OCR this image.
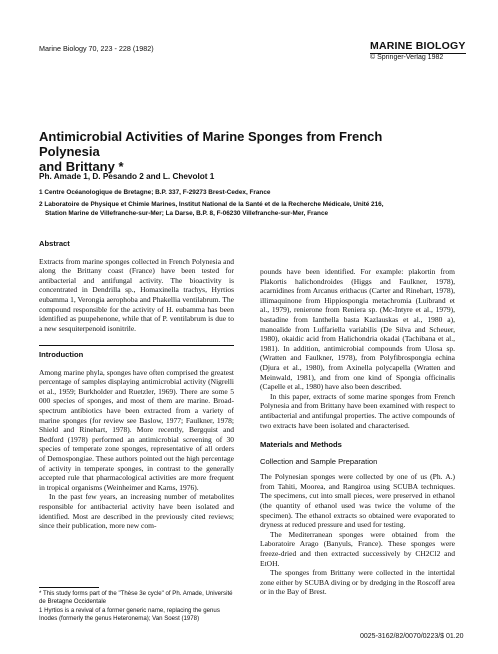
Marine Biology 70, 223 - 228 (1982)	MARINE BIOLOGY
© Springer-Verlag 1982
Antimicrobial Activities of Marine Sponges from French Polynesia
and Brittany *
Ph. Amade 1, D. Pesando 2 and L. Chevolot 1
1 Centre Océanologique de Bretagne; B.P. 337, F-29273 Brest-Cedex, France
2 Laboratoire de Physique et Chimie Marines, Institut National de la Santé et de la Recherche Médicale, Unité 216,
Station Marine de Villefranche-sur-Mer; La Darse, B.P. 8, F-06230 Villefranche-sur-Mer, France
Abstract

Extracts from marine sponges collected in French Polynesia and along the Brittany coast (France) have been tested for antibacterial and antifungal activity. The bioactivity is concentrated in Dendrilla sp., Homaxinella trachys, Hyrtios eubamma 1, Verongia aerophoba and Phakellia ventilabrum. The compound responsible for the activity of H. eubamma has been identified as puupehenone, while that of P. ventilabrum is due to a new sesquiterpenoid isonitrile.

Introduction

Among marine phyla, sponges have often comprised the greatest percentage of samples displaying antimicrobial activity (Nigrelli et al., 1959; Burkholder and Ruetzler, 1969). There are some 5 000 species of sponges, and most of them are marine. Broad-spectrum antibiotics have been extracted from a variety of marine sponges (for review see Baslow, 1977; Faulkner, 1978; Shield and Rinehart, 1978). More recently, Bergquist and Bedford (1978) performed an antimicrobial screening of 30 species of temperate zone sponges, representative of all orders of Demospongiae. These authors pointed out the high percentage of activity in temperate sponges, in contrast to the generally accepted rule that pharmacological activities are more frequent in tropical organisms (Weinheimer and Karns, 1976).

In the past few years, an increasing number of metabolites responsible for antibacterial activity have been isolated and identified. Most are described in the previously cited reviews; since their publication, more new com-

* This study forms part of the "Thèse 3e cycle" of Ph. Amade, Université de Bretagne Occidentale
1 Hyrtios is a revival of a former generic name, replacing the genus Inodes (formerly the genus Heteronema); Van Soest (1978)

pounds have been identified. For example: plakortin from Plakortis halichondroides (Higgs and Faulkner, 1978), acarnidines from Arcanus erithacus (Carter and Rinehart, 1978), illimaquinone from Hippiospongia metachromia (Luibrand et al., 1979), renierone from Reniera sp. (Mc-Intyre et al., 1979), bastadine from Ianthella basta Kazlauskas et al., 1980 a), manoalide from Luffariella variabilis (De Silva and Scheuer, 1980), okaidic acid from Halichondria okadai (Tachibana et al., 1981). In addition, antimicrobial compounds from Ulosa sp. (Wratten and Faulkner, 1978), from Polyfibrospongia echina (Djura et al., 1980), from Axinella polycapella (Wratten and Meinwald, 1981), and from one kind of Spongia officinalis (Capelle et al., 1980) have also been described.

In this paper, extracts of some marine sponges from French Polynesia and from Brittany have been examined with respect to antibacterial and antifungal properties. The active compounds of two extracts have been isolated and characterised.

Materials and Methods
Collection and Sample Preparation

The Polynesian sponges were collected by one of us (Ph. A.) from Tahiti, Moorea, and Rangiroa using SCUBA techniques. The specimens, cut into small pieces, were preserved in ethanol (the quantity of ethanol used was twice the volume of the specimen). The ethanol extracts so obtained were evaporated to dryness at reduced pressure and used for testing.

The Mediterranean sponges were obtained from the Laboratoire Arago (Banyuls, France). These sponges were freeze-dried and then extracted successively by CH2Cl2 and EtOH.

The sponges from Brittany were collected in the intertidal zone either by SCUBA diving or by dredging in the Roscoff area or in the Bay of Brest.

0025-3162/82/0070/0223/$ 01.20
